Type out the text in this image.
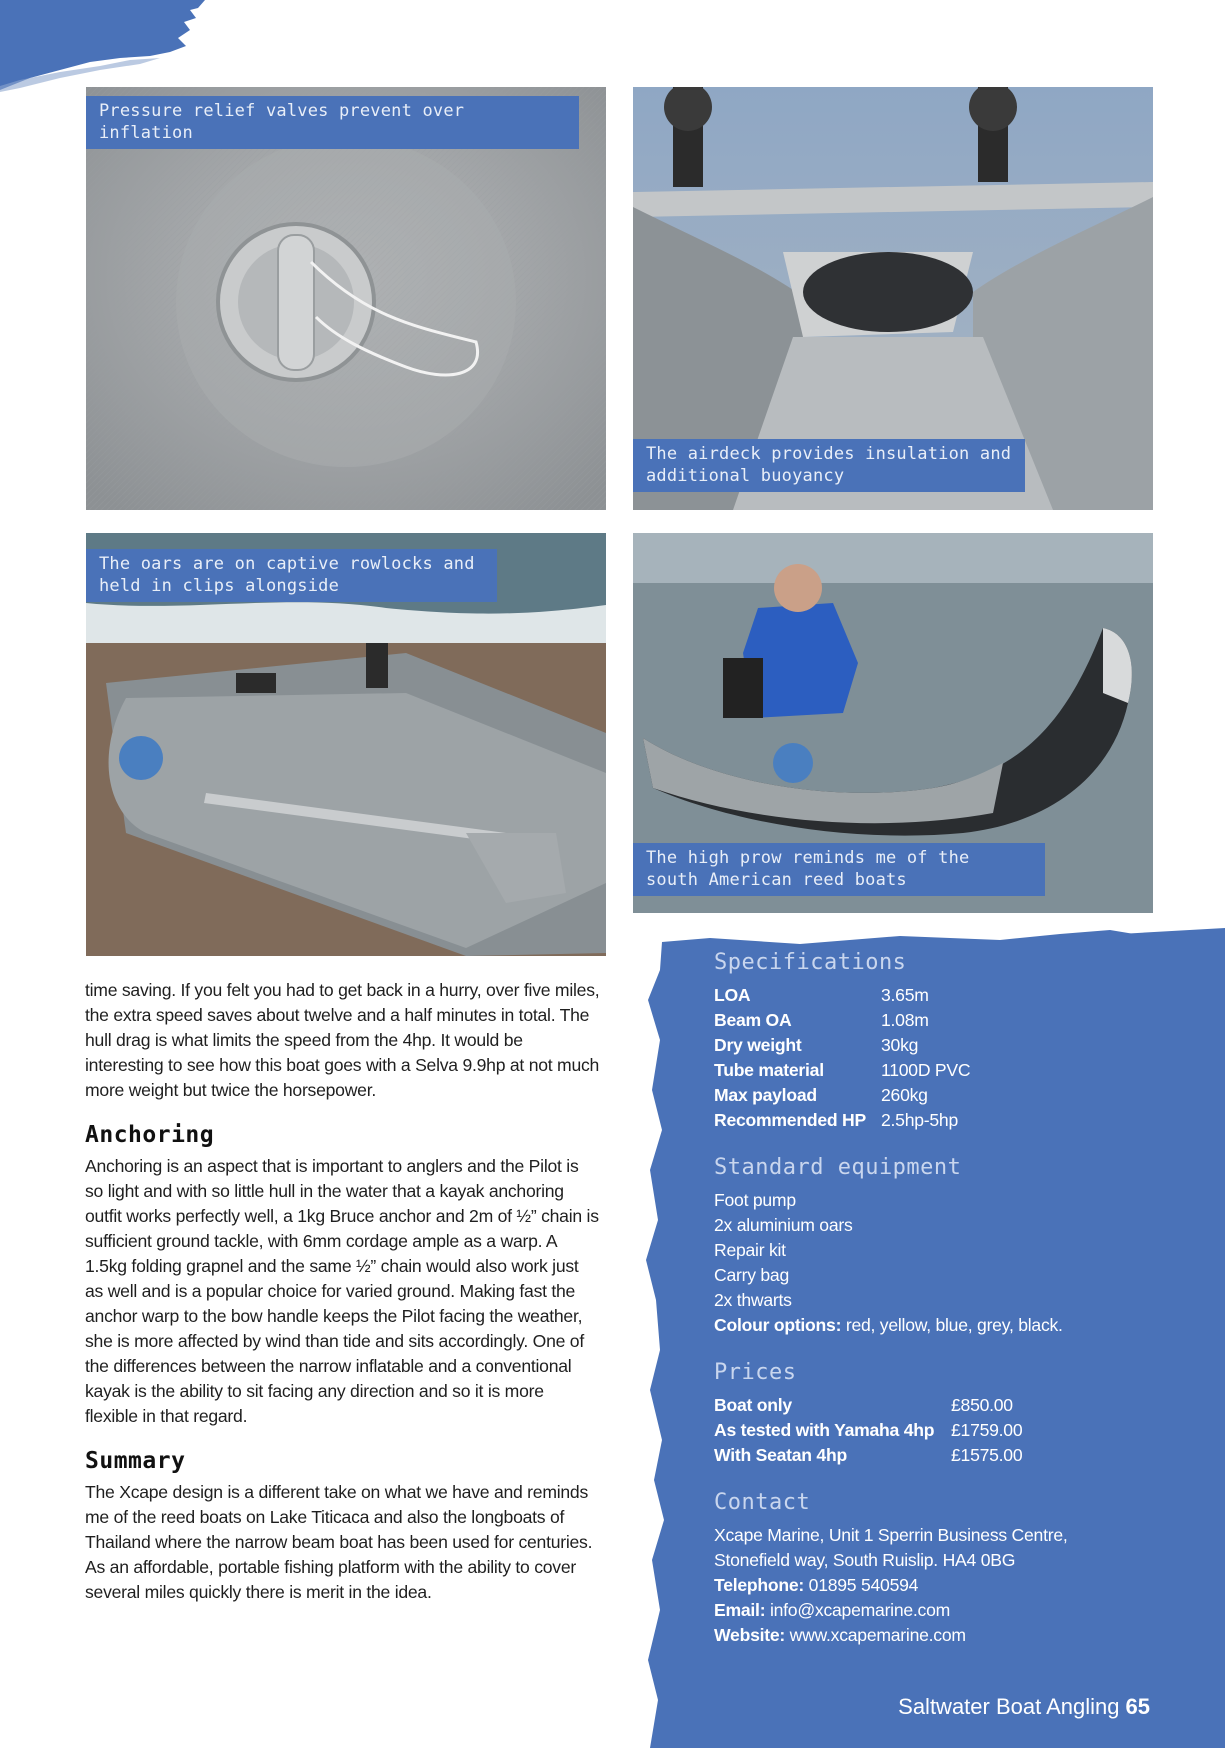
Pressure relief valves prevent over inflation
The airdeck provides insulation and additional buoyancy
The oars are on captive rowlocks and held in clips alongside
The high prow reminds me of the south American reed boats

time saving. If you felt you had to get back in a hurry, over five miles, the extra speed saves about twelve and a half minutes in total. The hull drag is what limits the speed from the 4hp. It would be interesting to see how this boat goes with a Selva 9.9hp at not much more weight but twice the horsepower.

Anchoring

Anchoring is an aspect that is important to anglers and the Pilot is so light and with so little hull in the water that a kayak anchoring outfit works perfectly well, a 1kg Bruce anchor and 2m of ½” chain is sufficient ground tackle, with 6mm cordage ample as a warp. A 1.5kg folding grapnel and the same ½” chain would also work just as well and is a popular choice for varied ground. Making fast the anchor warp to the bow handle keeps the Pilot facing the weather, she is more affected by wind than tide and sits accordingly. One of the differences between the narrow inflatable and a conventional kayak is the ability to sit facing any direction and so it is more flexible in that regard.

Summary

The Xcape design is a different take on what we have and reminds me of the reed boats on Lake Titicaca and also the longboats of Thailand where the narrow beam boat has been used for centuries. As an affordable, portable fishing platform with the ability to cover several miles quickly there is merit in the idea.

Specifications
LOA	3.65m
Beam OA	1.08m
Dry weight	30kg
Tube material	1100D PVC
Max payload	260kg
Recommended HP 2.5hp-5hp
Standard equipment
Foot pump
2x aluminium oars
Repair kit
Carry bag
2x thwarts
Colour options: red, yellow, blue, grey, black.
Prices
Boat only	£850.00
As tested with Yamaha 4hp £1759.00
With Seatan 4hp	£1575.00
Contact
Xcape Marine, Unit 1 Sperrin Business Centre,
Stonefield way, South Ruislip. HA4 0BG
Telephone: 01895 540594
Email: info@xcapemarine.com
Website: www.xcapemarine.com
Saltwater Boat Angling 65
